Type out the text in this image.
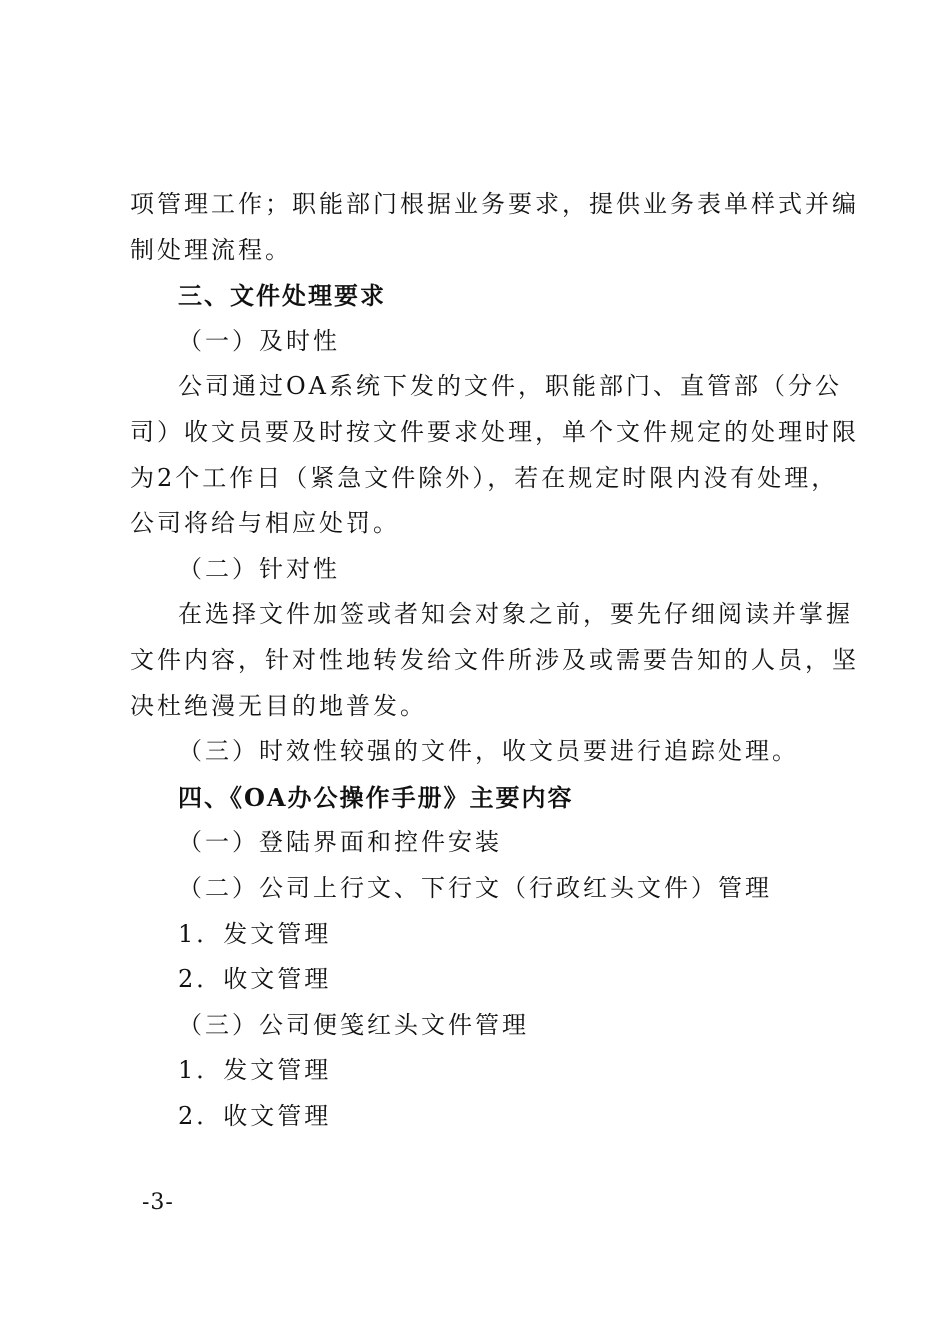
项管理工作；职能部门根据业务要求，提供业务表单样式并编
制处理流程。
三、文件处理要求
（一）及时性
公司通过OA系统下发的文件，职能部门、直管部（分公
司）收文员要及时按文件要求处理，单个文件规定的处理时限
为2个工作日（紧急文件除外），若在规定时限内没有处理，
公司将给与相应处罚。
（二）针对性
在选择文件加签或者知会对象之前，要先仔细阅读并掌握
文件内容，针对性地转发给文件所涉及或需要告知的人员，坚
决杜绝漫无目的地普发。
（三）时效性较强的文件，收文员要进行追踪处理。
四、《OA办公操作手册》主要内容
（一）登陆界面和控件安装
（二）公司上行文、下行文（行政红头文件）管理
1．发文管理
2．收文管理
（三）公司便笺红头文件管理
1．发文管理
2．收文管理
-3-
